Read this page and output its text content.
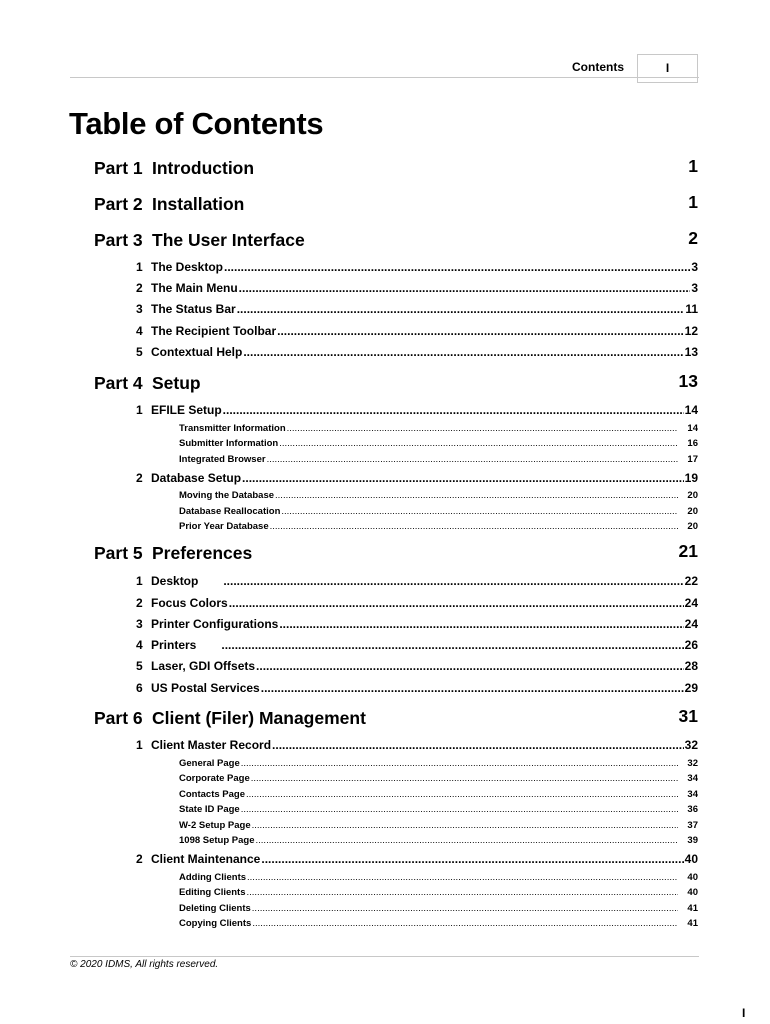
Contents	I
Table of Contents
Part 1 Introduction	1
Part 2 Installation	1
Part 3 The User Interface	2
1 The Desktop .....	3
2 The Main Menu .....	3
3 The Status Bar .....	11
4 The Recipient Toolbar .....	12
5 Contextual Help .....	13
Part 4 Setup	13
1 EFILE Setup .....	14
Transmitter Information .....	14
Submitter Information .....	16
Integrated Browser .....	17
2 Database Setup .....	19
Moving the Database .....	20
Database Reallocation .....	20
Prior Year Database .....	20
Part 5 Preferences	21
1 Desktop .....	22
2 Focus Colors .....	24
3 Printer Configurations .....	24
4 Printers .....	26
5 Laser, GDI Offsets .....	28
6 US Postal Services .....	29
Part 6 Client (Filer) Management	31
1 Client Master Record .....	32
General Page .....	32
Corporate Page .....	34
Contacts Page .....	34
State ID Page .....	36
W-2 Setup Page .....	37
1098 Setup Page .....	39
2 Client Maintenance .....	40
Adding Clients .....	40
Editing Clients .....	40
Deleting Clients .....	41
Copying Clients .....	41
© 2020 IDMS, All rights reserved.
I
